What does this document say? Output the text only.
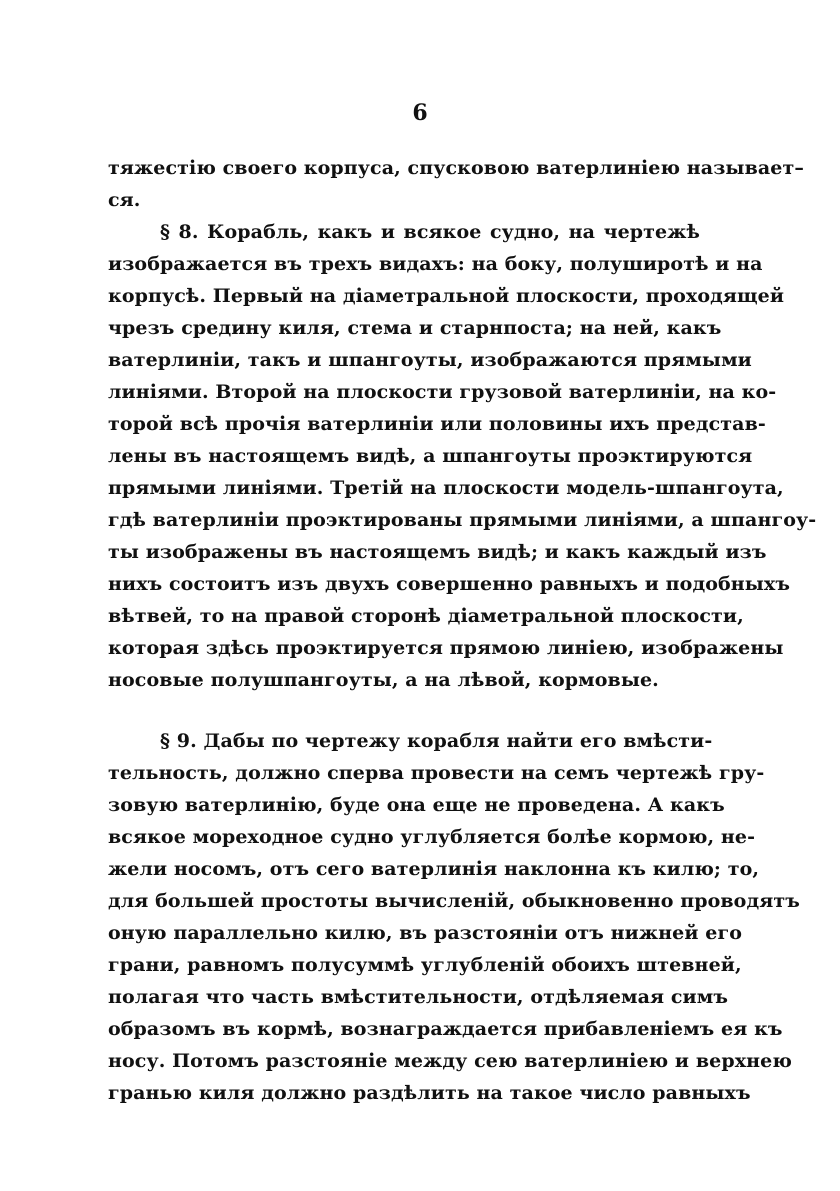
6
тяжестію своего корпуса, спусковою ватерлиніею называет–
ся.
§ 8. Корабль, какъ и всякое судно, на чертежѣ
изображается въ трехъ видахъ: на боку, полуширотѣ и на
корпусѣ. Первый на діаметральной плоскости, проходящей
чрезъ средину киля, стема и старнпоста; на ней, какъ
ватерлиніи, такъ и шпангоуты, изображаются прямыми
линіями. Второй на плоскости грузовой ватерлиніи, на ко-
торой всѣ прочія ватерлиніи или половины ихъ представ-
лены въ настоящемъ видѣ, а шпангоуты проэктируются
прямыми линіями. Третій на плоскости модель-шпангоута,
гдѣ ватерлиніи проэктированы прямыми линіями, а шпангоу-
ты изображены въ настоящемъ видѣ; и какъ каждый изъ
нихъ состоитъ изъ двухъ совершенно равныхъ и подобныхъ
вѣтвей, то на правой сторонѣ діаметральной плоскости,
которая здѣсь проэктируется прямою линіею, изображены
носовые полушпангоуты, а на лѣвой, кормовые.
§ 9. Дабы по чертежу корабля найти его вмѣсти-
тельность, должно сперва провести на семъ чертежѣ гру-
зовую ватерлинію, буде она еще не проведена. А какъ
всякое мореходное судно углубляется болѣе кормою, не-
жели носомъ, отъ сего ватерлинія наклонна къ килю; то,
для большей простоты вычисленій, обыкновенно проводятъ
оную параллельно килю, въ разстояніи отъ нижней его
грани, равномъ полусуммѣ углубленій обоихъ штевней,
полагая что часть вмѣстительности, отдѣляемая симъ
образомъ въ кормѣ, вознаграждается прибавленіемъ ея къ
носу. Потомъ разстояніе между сею ватерлиніею и верхнею
гранью киля должно раздѣлить на такое число равныхъ
